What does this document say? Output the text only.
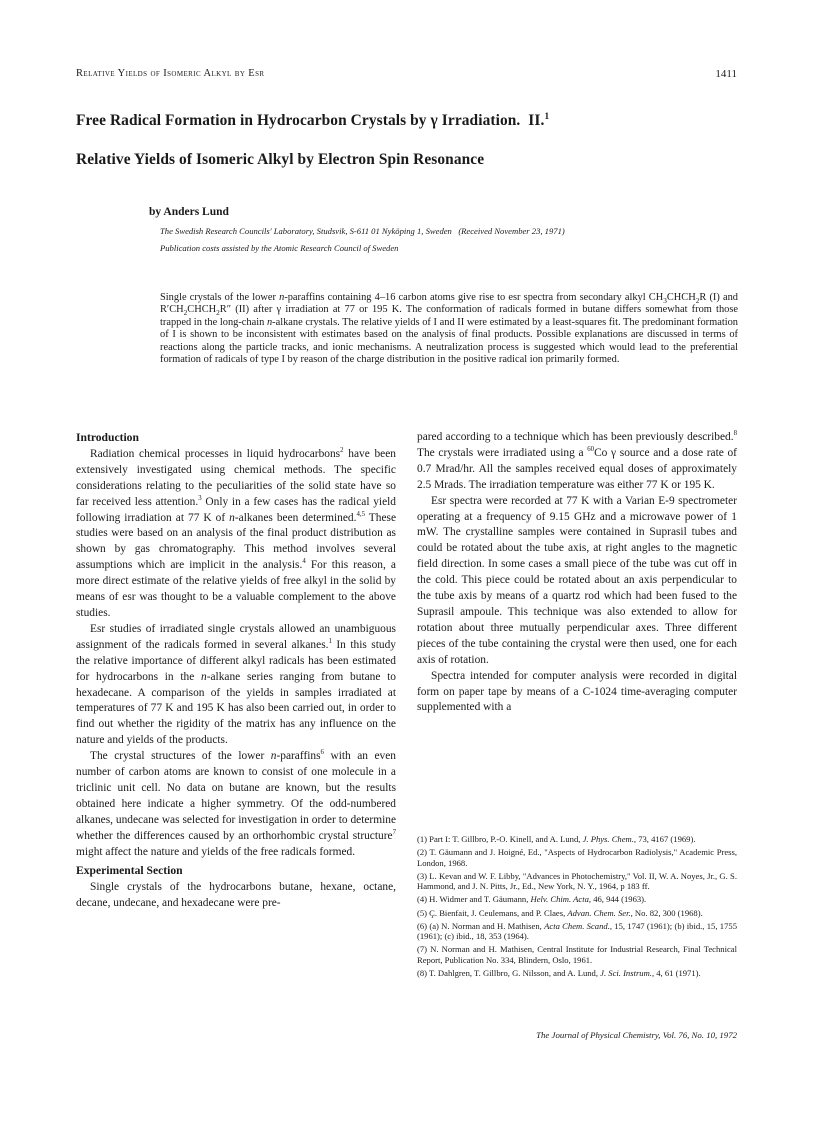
Relative Yields of Isomeric Alkyl by Esr	1411
Free Radical Formation in Hydrocarbon Crystals by γ Irradiation. II.$^1$
Relative Yields of Isomeric Alkyl by Electron Spin Resonance
by Anders Lund
The Swedish Research Councils' Laboratory, Studsvik, S-611 01 Nyköping 1, Sweden (Received November 23, 1971)
Publication costs assisted by the Atomic Research Council of Sweden
Single crystals of the lower n-paraffins containing 4–16 carbon atoms give rise to esr spectra from secondary alkyl $CH_3CHCH_2R$ (I) and $R'CH_2CHCH_2R''$ (II) after γ irradiation at 77 or 195 K. The conformation of radicals formed in butane differs somewhat from those trapped in the long-chain n-alkane crystals. The relative yields of I and II were estimated by a least-squares fit. The predominant formation of I is shown to be inconsistent with estimates based on the analysis of final products. Possible explanations are discussed in terms of reactions along the particle tracks, and ionic mechanisms. A neutralization process is suggested which would lead to the preferential formation of radicals of type I by reason of the charge distribution in the positive radical ion primarily formed.
Introduction

Radiation chemical processes in liquid hydrocarbons$^2$ have been extensively investigated using chemical methods. The specific considerations relating to the peculiarities of the solid state have so far received less attention.$^3$ Only in a few cases has the radical yield following irradiation at 77 K of n-alkanes been determined.$^{4,5}$ These studies were based on an analysis of the final product distribution as shown by gas chromatography. This method involves several assumptions which are implicit in the analysis.$^4$ For this reason, a more direct estimate of the relative yields of free alkyl in the solid by means of esr was thought to be a valuable complement to the above studies.

Esr studies of irradiated single crystals allowed an unambiguous assignment of the radicals formed in several alkanes.$^1$ In this study the relative importance of different alkyl radicals has been estimated for hydrocarbons in the n-alkane series ranging from butane to hexadecane. A comparison of the yields in samples irradiated at temperatures of 77 K and 195 K has also been carried out, in order to find out whether the rigidity of the matrix has any influence on the nature and yields of the products.

The crystal structures of the lower n-paraffins$^6$ with an even number of carbon atoms are known to consist of one molecule in a triclinic unit cell. No data on butane are known, but the results obtained here indicate a higher symmetry. Of the odd-numbered alkanes, undecane was selected for investigation in order to determine whether the differences caused by an orthorhombic crystal structure$^7$ might affect the nature and yields of the free radicals formed.

Experimental Section

Single crystals of the hydrocarbons butane, hexane, octane, decane, undecane, and hexadecane were pre-

pared according to a technique which has been previously described.$^8$ The crystals were irradiated using a $^{60}$Co γ source and a dose rate of 0.7 Mrad/hr. All the samples received equal doses of approximately 2.5 Mrads. The irradiation temperature was either 77 K or 195 K.

Esr spectra were recorded at 77 K with a Varian E-9 spectrometer operating at a frequency of 9.15 GHz and a microwave power of 1 mW. The crystalline samples were contained in Suprasil tubes and could be rotated about the tube axis, at right angles to the magnetic field direction. In some cases a small piece of the tube was cut off in the cold. This piece could be rotated about an axis perpendicular to the tube axis by means of a quartz rod which had been fused to the Suprasil ampoule. This technique was also extended to allow for rotation about three mutually perpendicular axes. Three different pieces of the tube containing the crystal were then used, one for each axis of rotation.

Spectra intended for computer analysis were recorded in digital form on paper tape by means of a C-1024 time-averaging computer supplemented with a

(1) Part I: T. Gillbro, P.-O. Kinell, and A. Lund, J. Phys. Chem., 73, 4167 (1969).
(2) T. Gäumann and J. Hoigné, Ed., "Aspects of Hydrocarbon Radiolysis," Academic Press, London, 1968.
(3) L. Kevan and W. F. Libby, "Advances in Photochemistry," Vol. II, W. A. Noyes, Jr., G. S. Hammond, and J. N. Pitts, Jr., Ed., New York, N. Y., 1964, p 183 ff.
(4) H. Widmer and T. Gäumann, Helv. Chim. Acta, 46, 944 (1963).
(5) Ç. Bienfait, J. Ceulemans, and P. Claes, Advan. Chem. Ser., No. 82, 300 (1968).
(6) (a) N. Norman and H. Mathisen, Acta Chem. Scand., 15, 1747 (1961); (b) ibid., 15, 1755 (1961); (c) ibid., 18, 353 (1964).
(7) N. Norman and H. Mathisen, Central Institute for Industrial Research, Final Technical Report, Publication No. 334, Blindern, Oslo, 1961.
(8) T. Dahlgren, T. Gillbro, G. Nilsson, and A. Lund, J. Sci. Instrum., 4, 61 (1971).
The Journal of Physical Chemistry, Vol. 76, No. 10, 1972
